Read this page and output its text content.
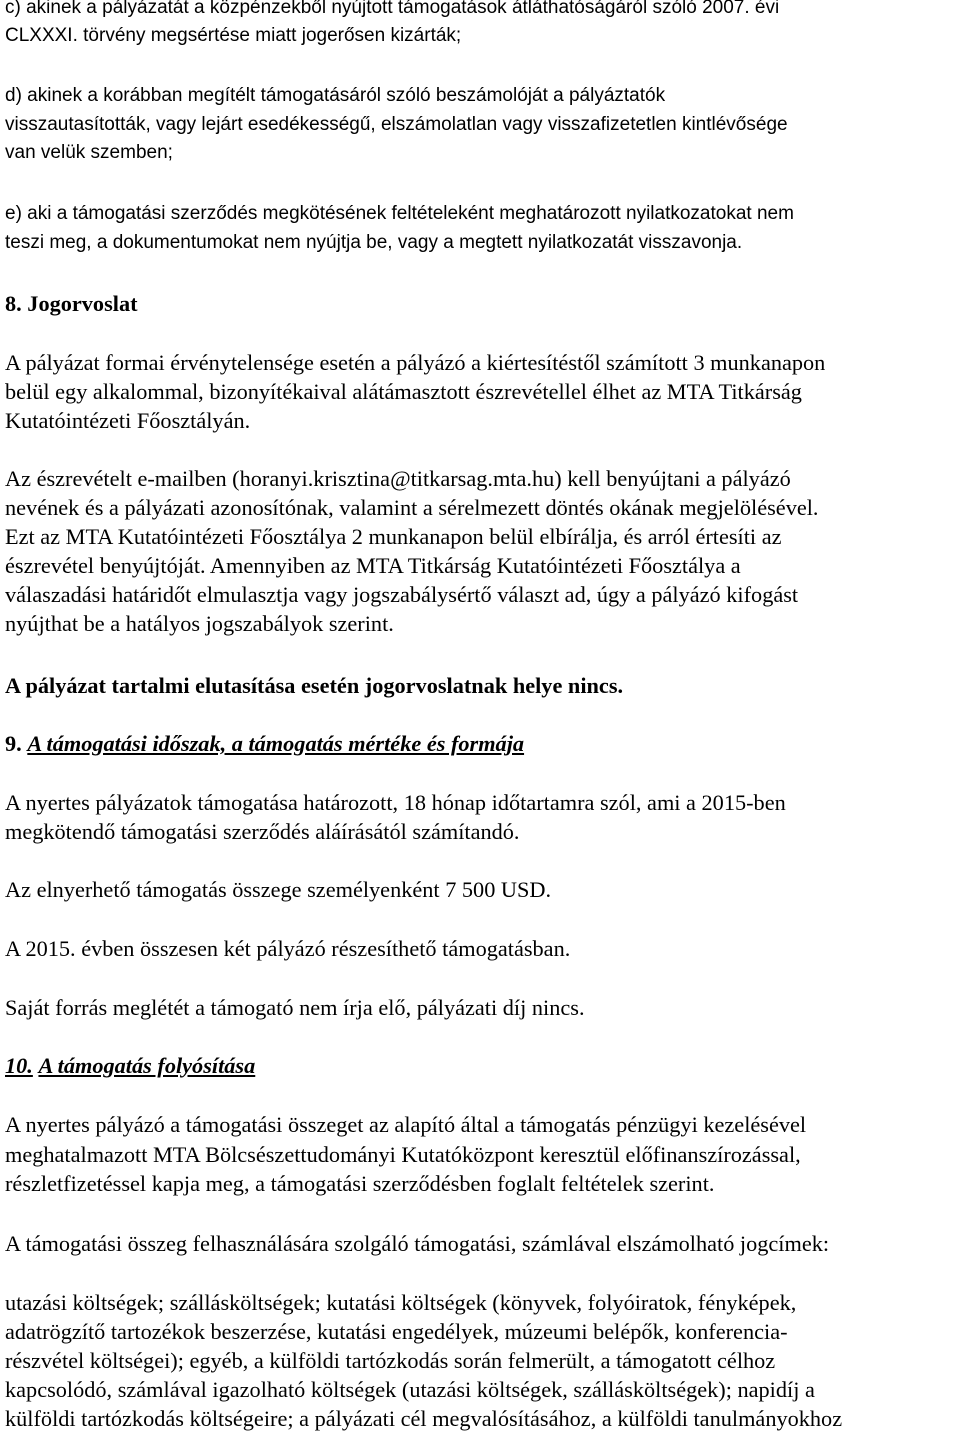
c) akinek a pályázatát a közpénzekből nyújtott támogatások átláthatóságáról szóló 2007. évi
CLXXXI. törvény megsértése miatt jogerősen kizárták;
d) akinek a korábban megítélt támogatásáról szóló beszámolóját a pályáztatók
visszautasították, vagy lejárt esedékességű, elszámolatlan vagy visszafizetetlen kintlévősége
van velük szemben;
e) aki a támogatási szerződés megkötésének feltételeként meghatározott nyilatkozatokat nem
teszi meg, a dokumentumokat nem nyújtja be, vagy a megtett nyilatkozatát visszavonja.
8. Jogorvoslat
A pályázat formai érvénytelensége esetén a pályázó a kiértesítéstől számított 3 munkanapon
belül egy alkalommal, bizonyítékaival alátámasztott észrevétellel élhet az MTA Titkárság
Kutatóintézeti Főosztályán.
Az észrevételt e-mailben (horanyi.krisztina@titkarsag.mta.hu) kell benyújtani a pályázó
nevének és a pályázati azonosítónak, valamint a sérelmezett döntés okának megjelölésével.
Ezt az MTA Kutatóintézeti Főosztálya 2 munkanapon belül elbírálja, és arról értesíti az
észrevétel benyújtóját. Amennyiben az MTA Titkárság Kutatóintézeti Főosztálya a
válaszadási határidőt elmulasztja vagy jogszabálysértő választ ad, úgy a pályázó kifogást
nyújthat be a hatályos jogszabályok szerint.
A pályázat tartalmi elutasítása esetén jogorvoslatnak helye nincs.
9. A támogatási időszak, a támogatás mértéke és formája
A nyertes pályázatok támogatása határozott, 18 hónap időtartamra szól, ami a 2015-ben
megkötendő támogatási szerződés aláírásától számítandó.
Az elnyerhető támogatás összege személyenként 7 500 USD.
A 2015. évben összesen két pályázó részesíthető támogatásban.
Saját forrás meglétét a támogató nem írja elő, pályázati díj nincs.
10. A támogatás folyósítása
A nyertes pályázó a támogatási összeget az alapító által a támogatás pénzügyi kezelésével
meghatalmazott MTA Bölcsészettudományi Kutatóközpont keresztül előfinanszírozással,
részletfizetéssel kapja meg, a támogatási szerződésben foglalt feltételek szerint.
A támogatási összeg felhasználására szolgáló támogatási, számlával elszámolható jogcímek:
utazási költségek; szállásköltségek; kutatási költségek (könyvek, folyóiratok, fényképek,
adatrögzítő tartozékok beszerzése, kutatási engedélyek, múzeumi belépők, konferencia-
részvétel költségei); egyéb, a külföldi tartózkodás során felmerült, a támogatott célhoz
kapcsolódó, számlával igazolható költségek (utazási költségek, szállásköltségek); napidíj a
külföldi tartózkodás költségeire; a pályázati cél megvalósításához, a külföldi tanulmányokhoz
